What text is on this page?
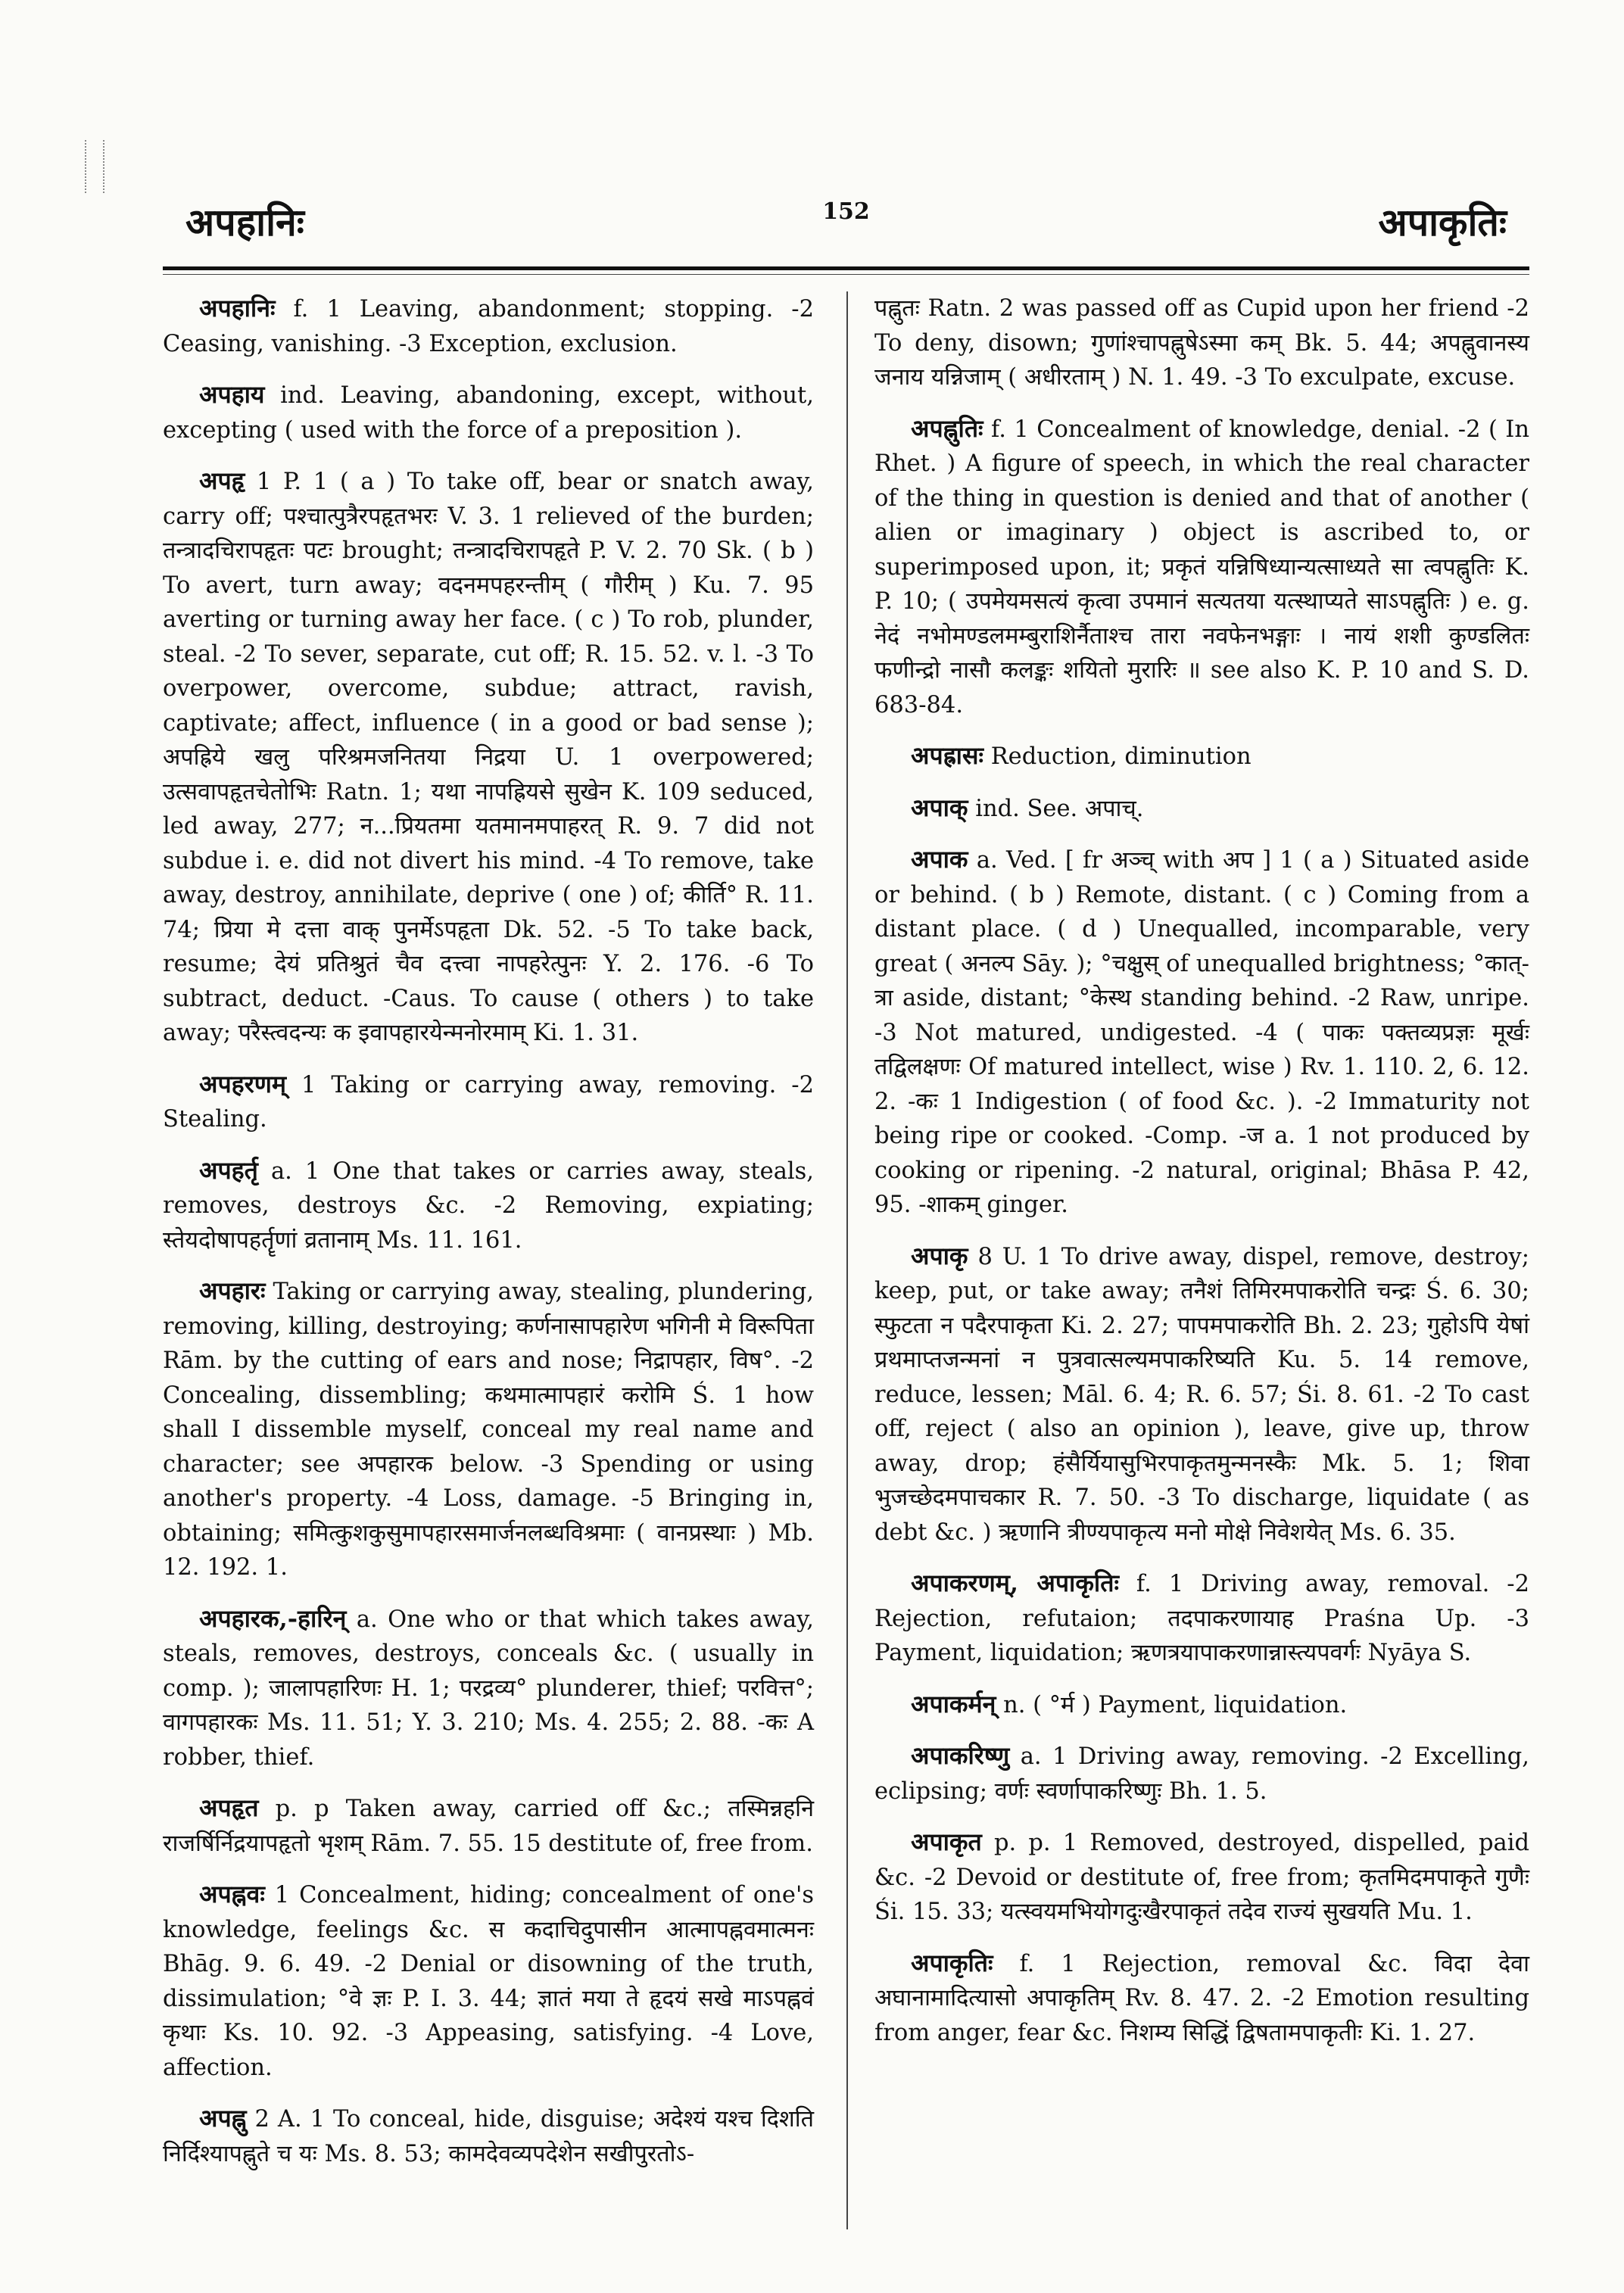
अपहानिः	152	अपाकृतिः

अपहानिः f. 1 Leaving, abandonment; stopping. -2 Ceasing, vanishing. -3 Exception, exclusion.

अपहाय ind. Leaving, abandoning, except, without, excepting ( used with the force of a preposition ).

अपहृ 1 P. 1 ( a ) To take off, bear or snatch away, carry off; पश्चात्पुत्रैरपहृतभरः V. 3. 1 relieved of the burden; तन्त्रादचिरापहृतः पटः brought; तन्त्रादचिरापहृते P. V. 2. 70 Sk. ( b ) To avert, turn away; वदनमपहरन्तीम् ( गौरीम् ) Ku. 7. 95 averting or turning away her face. ( c ) To rob, plunder, steal. -2 To sever, separate, cut off; R. 15. 52. v. l. -3 To overpower, overcome, subdue; attract, ravish, captivate; affect, influence ( in a good or bad sense ); अपह्रिये खलु परिश्रमजनितया निद्रया U. 1 overpowered; उत्सवापहृतचेतोभिः Ratn. 1; यथा नापह्रियसे सुखेन K. 109 seduced, led away, 277; न...प्रियतमा यतमानमपाहरत् R. 9. 7 did not subdue i. e. did not divert his mind. -4 To remove, take away, destroy, annihilate, deprive ( one ) of; कीर्ति° R. 11. 74; प्रिया मे दत्ता वाक् पुनर्मेऽपहृता Dk. 52. -5 To take back, resume; देयं प्रतिश्रुतं चैव दत्त्वा नापहरेत्पुनः Y. 2. 176. -6 To subtract, deduct. -Caus. To cause ( others ) to take away; परैस्त्वदन्यः क इवापहारयेन्मनोरमाम् Ki. 1. 31.

अपहरणम् 1 Taking or carrying away, removing. -2 Stealing.

अपहर्तृ a. 1 One that takes or carries away, steals, removes, destroys &c. -2 Removing, expiating; स्तेयदोषापहर्तॄणां व्रतानाम् Ms. 11. 161.

अपहारः Taking or carrying away, stealing, plundering, removing, killing, destroying; कर्णनासापहारेण भगिनी मे विरूपिता Rām. by the cutting of ears and nose; निद्रापहार, विष°. -2 Concealing, dissembling; कथमात्मापहारं करोमि Ś. 1 how shall I dissemble myself, conceal my real name and character; see अपहारक below. -3 Spending or using another's property. -4 Loss, damage. -5 Bringing in, obtaining; समित्कुशकुसुमापहारसमार्जनलब्धविश्रमाः ( वानप्रस्थाः ) Mb. 12. 192. 1.

अपहारक,-हारिन् a. One who or that which takes away, steals, removes, destroys, conceals &c. ( usually in comp. ); जालापहारिणः H. 1; परद्रव्य° plunderer, thief; परवित्त°; वागपहारकः Ms. 11. 51; Y. 3. 210; Ms. 4. 255; 2. 88. -कः A robber, thief.

अपहृत p. p Taken away, carried off &c.; तस्मिन्नहनि राजर्षिर्निद्रयापहृतो भृशम् Rām. 7. 55. 15 destitute of, free from.

अपह्नवः 1 Concealment, hiding; concealment of one's knowledge, feelings &c. स कदाचिदुपासीन आत्मापह्नवमात्मनः Bhāg. 9. 6. 49. -2 Denial or disowning of the truth, dissimulation; °वे ज्ञः P. I. 3. 44; ज्ञातं मया ते हृदयं सखे माऽपह्नवं कृथाः Ks. 10. 92. -3 Appeasing, satisfying. -4 Love, affection.

अपह्नु 2 A. 1 To conceal, hide, disguise; अदेश्यं यश्च दिशति निर्दिश्यापह्नुते च यः Ms. 8. 53; कामदेवव्यपदेशेन सखीपुरतोऽ-

पह्नुतः Ratn. 2 was passed off as Cupid upon her friend -2 To deny, disown; गुणांश्चापह्नुषेऽस्मा कम् Bk. 5. 44; अपह्नुवानस्य जनाय यन्निजाम् ( अधीरताम् ) N. 1. 49. -3 To exculpate, excuse.

अपह्नुतिः f. 1 Concealment of knowledge, denial. -2 ( In Rhet. ) A figure of speech, in which the real character of the thing in question is denied and that of another ( alien or imaginary ) object is ascribed to, or superimposed upon, it; प्रकृतं यन्निषिध्यान्यत्साध्यते सा त्वपह्नुतिः K. P. 10; ( उपमेयमसत्यं कृत्वा उपमानं सत्यतया यत्स्थाप्यते साऽपह्नुतिः ) e. g. नेदं नभोमण्डलमम्बुराशिर्नैताश्च तारा नवफेनभङ्गाः । नायं शशी कुण्डलितः फणीन्द्रो नासौ कलङ्कः शयितो मुरारिः ॥ see also K. P. 10 and S. D. 683-84.

अपह्रासः Reduction, diminution

अपाक् ind. See. अपाच्.

अपाक a. Ved. [ fr अञ्च् with अप ] 1 ( a ) Situated aside or behind. ( b ) Remote, distant. ( c ) Coming from a distant place. ( d ) Unequalled, incomparable, very great ( अनल्प Sāy. ); °चक्षुस् of unequalled brightness; °कात्-त्रा aside, distant; °केस्थ standing behind. -2 Raw, unripe. -3 Not matured, undigested. -4 ( पाकः पक्तव्यप्रज्ञः मूर्खः तद्विलक्षणः Of matured intellect, wise ) Rv. 1. 110. 2, 6. 12. 2. -कः 1 Indigestion ( of food &c. ). -2 Immaturity not being ripe or cooked. -Comp. -ज a. 1 not produced by cooking or ripening. -2 natural, original; Bhāsa P. 42, 95. -शाकम् ginger.

अपाकृ 8 U. 1 To drive away, dispel, remove, destroy; keep, put, or take away; तनैशं तिमिरमपाकरोति चन्द्रः Ś. 6. 30; स्फुटता न पदैरपाकृता Ki. 2. 27; पापमपाकरोति Bh. 2. 23; गुहोऽपि येषां प्रथमाप्तजन्मनां न पुत्रवात्सल्यमपाकरिष्यति Ku. 5. 14 remove, reduce, lessen; Māl. 6. 4; R. 6. 57; Śi. 8. 61. -2 To cast off, reject ( also an opinion ), leave, give up, throw away, drop; हंसैर्यियासुभिरपाकृतमुन्मनस्कैः Mk. 5. 1; शिवा भुजच्छेदमपाचकार R. 7. 50. -3 To discharge, liquidate ( as debt &c. ) ऋणानि त्रीण्यपाकृत्य मनो मोक्षे निवेशयेत् Ms. 6. 35.

अपाकरणम्, अपाकृतिः f. 1 Driving away, removal. -2 Rejection, refutaion; तदपाकरणायाह Praśna Up. -3 Payment, liquidation; ऋणत्रयापाकरणान्नास्त्यपवर्गः Nyāya S.

अपाकर्मन् n. ( °र्म ) Payment, liquidation.

अपाकरिष्णु a. 1 Driving away, removing. -2 Excelling, eclipsing; वर्णः स्वर्णापाकरिष्णुः Bh. 1. 5.

अपाकृत p. p. 1 Removed, destroyed, dispelled, paid &c. -2 Devoid or destitute of, free from; कृतमिदमपाकृते गुणैः Śi. 15. 33; यत्स्वयमभियोगदुःखैरपाकृतं तदेव राज्यं सुखयति Mu. 1.

अपाकृतिः f. 1 Rejection, removal &c. विदा देवा अघानामादित्यासो अपाकृतिम् Rv. 8. 47. 2. -2 Emotion resulting from anger, fear &c. निशम्य सिद्धिं द्विषतामपाकृतीः Ki. 1. 27.
